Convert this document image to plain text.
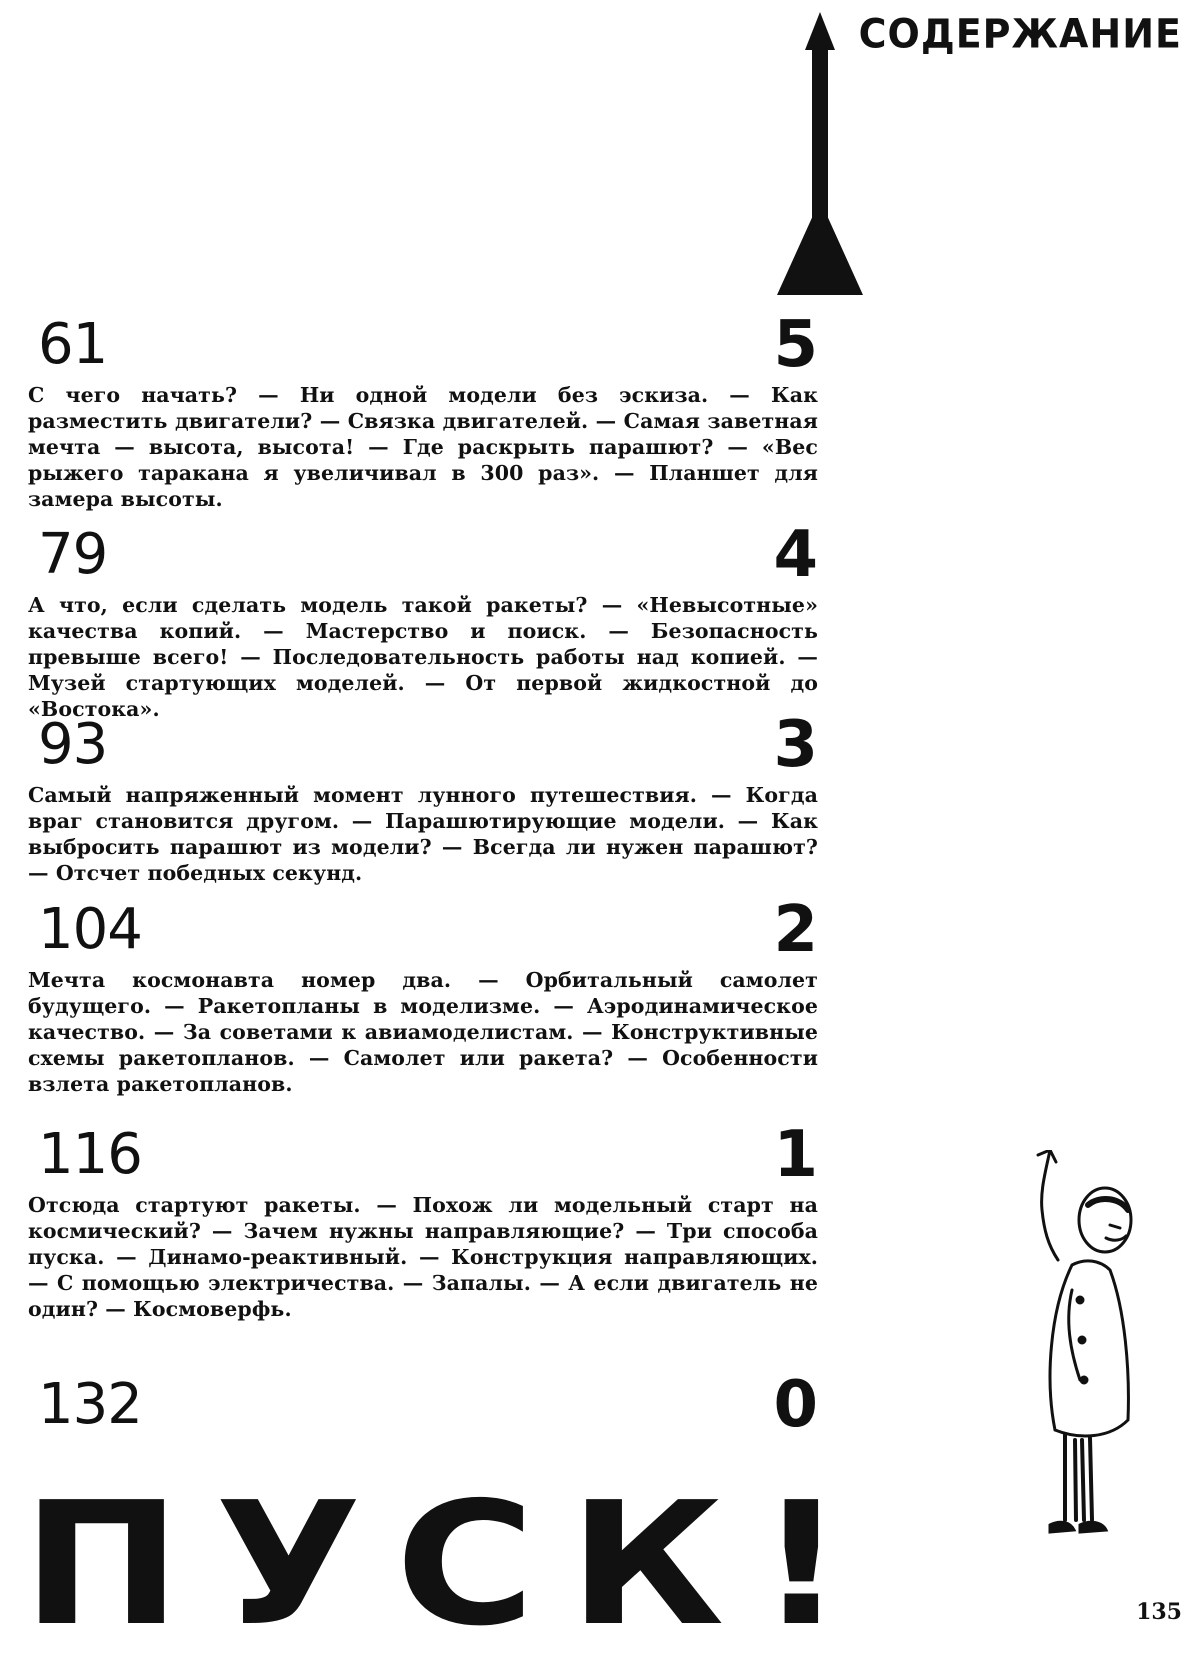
СОДЕРЖАНИЕ
61	5

С чего начать? — Ни одной модели без эскиза. — Как разместить двигатели? — Связка двигателей. — Самая заветная мечта — высота, высота! — Где раскрыть парашют? — «Вес рыжего таракана я увеличивал в 300 раз». — Планшет для замера высоты.

79	4

А что, если сделать модель такой ракеты? — «Невысотные» качества копий. — Мастерство и поиск. — Безопасность превыше всего! — Последовательность работы над копией. — Музей стартующих моделей. — От первой жидкостной до «Востока».

93	3

Самый напряженный момент лунного путешествия. — Когда враг становится другом. — Парашютирующие модели. — Как выбросить парашют из модели? — Всегда ли нужен парашют? — Отсчет победных секунд.

104	2

Мечта космонавта номер два. — Орбитальный самолет будущего. — Ракетопланы в моделизме. — Аэродинамическое качество. — За советами к авиамоделистам. — Конструктивные схемы ракетопланов. — Самолет или ракета? — Особенности взлета ракетопланов.

116	1

Отсюда стартуют ракеты. — Похож ли модельный старт на космический? — Зачем нужны направляющие? — Три способа пуска. — Динамо-реактивный. — Конструкция направляющих. — С помощью электричества. — Запалы. — А если двигатель не один? — Космоверфь.

132	0
ПУСК!	135
